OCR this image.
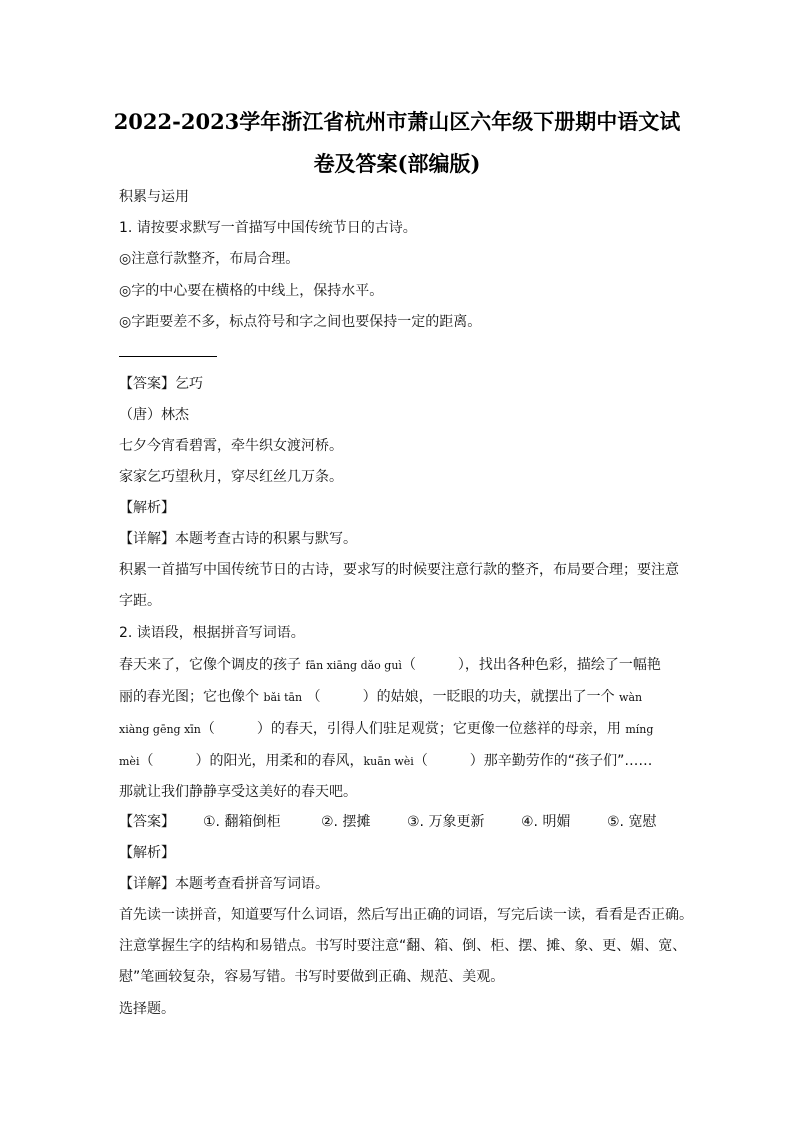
2022-2023学年浙江省杭州市萧山区六年级下册期中语文试
卷及答案(部编版)
积累与运用
1. 请按要求默写一首描写中国传统节日的古诗。
◎注意行款整齐，布局合理。
◎字的中心要在横格的中线上，保持水平。
◎字距要差不多，标点符号和字之间也要保持一定的距离。
【答案】乞巧
（唐）林杰
七夕今宵看碧霄，牵牛织女渡河桥。
家家乞巧望秋月，穿尽红丝几万条。
【解析】
【详解】本题考查古诗的积累与默写。
积累一首描写中国传统节日的古诗，要求写的时候要注意行款的整齐，布局要合理；要注意
字距。
2. 读语段，根据拼音写词语。
春天来了，它像个调皮的孩子 fān xiāng dǎo guì（　　　），找出各种色彩，描绘了一幅艳
丽的春光图；它也像个 bǎi tān （　　　）的姑娘，一眨眼的功夫，就摆出了一个 wàn
xiàng gēng xīn（　　　）的春天，引得人们驻足观赏；它更像一位慈祥的母亲，用 míng
mèi（　　　）的阳光，用柔和的春风，kuān wèi（　　　）那辛勤劳作的“孩子们”……
那就让我们静静享受这美好的春天吧。
【答案】 ①. 翻箱倒柜	②. 摆摊	③. 万象更新	④. 明媚	⑤. 宽慰
【解析】
【详解】本题考查看拼音写词语。
首先读一读拼音，知道要写什么词语，然后写出正确的词语，写完后读一读，看看是否正确。
注意掌握生字的结构和易错点。书写时要注意“翻、箱、倒、柜、摆、摊、象、更、媚、宽、
慰”笔画较复杂，容易写错。书写时要做到正确、规范、美观。
选择题。
